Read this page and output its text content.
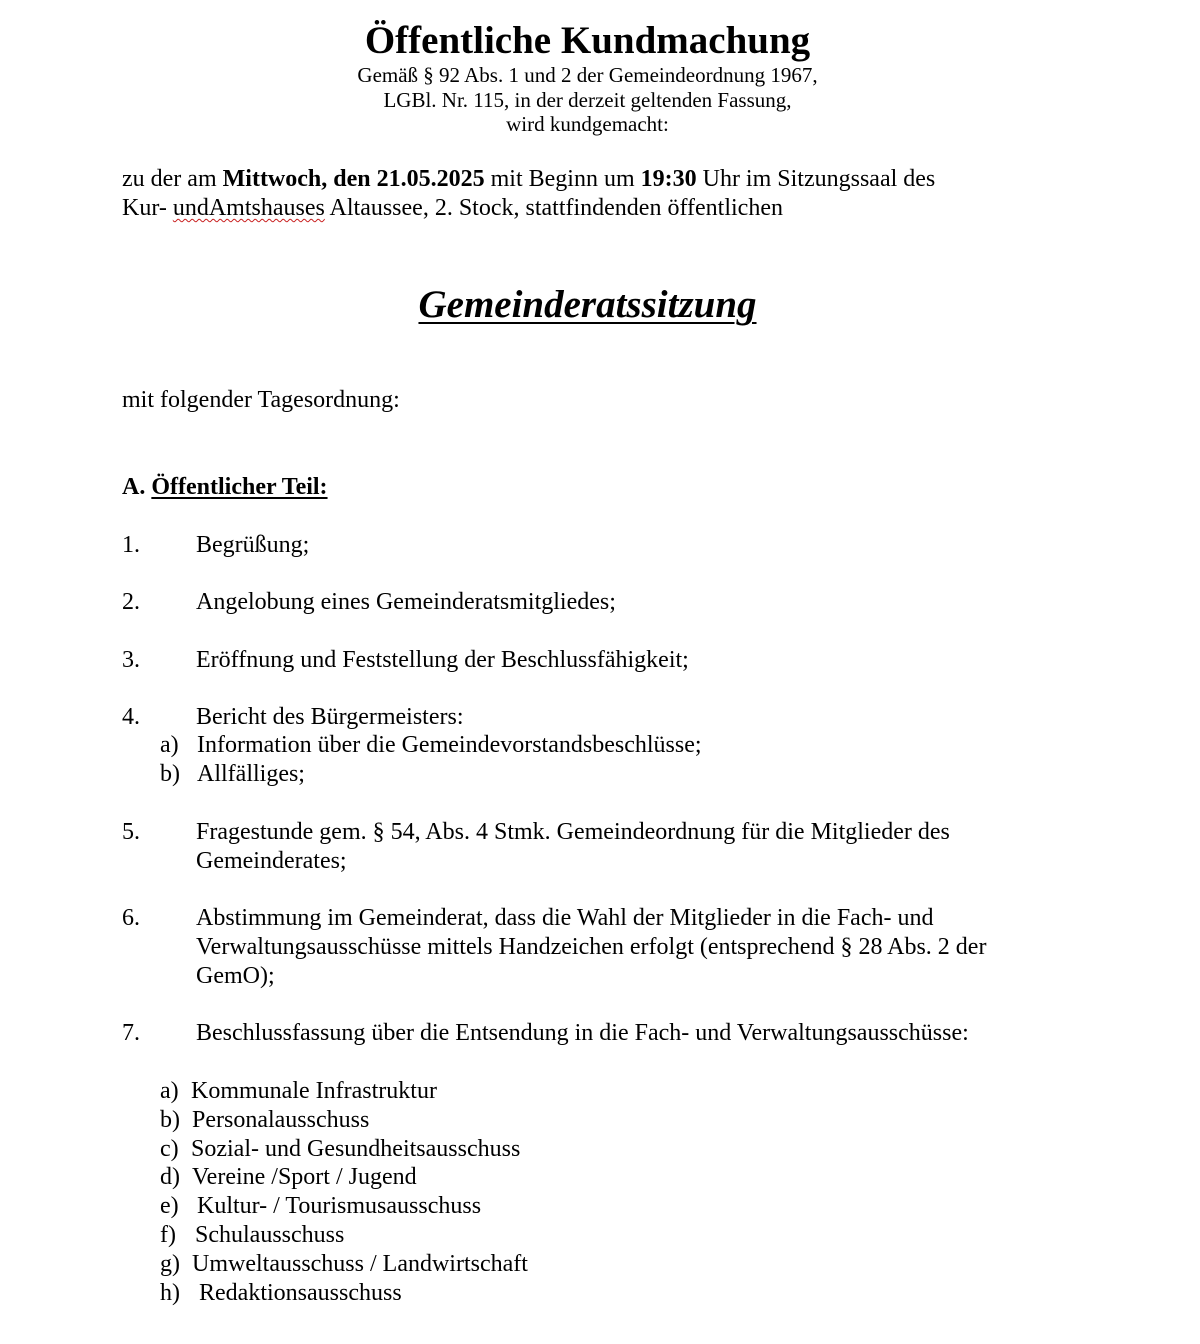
Öffentliche Kundmachung
Gemäß § 92 Abs. 1 und 2 der Gemeindeordnung 1967,
LGBl. Nr. 115, in der derzeit geltenden Fassung,
wird kundgemacht:
zu der am Mittwoch, den 21.05.2025 mit Beginn um 19:30 Uhr im Sitzungssaal des
Kur- undAmtshauses Altaussee, 2. Stock, stattfindenden öffentlichen
Gemeinderatssitzung
mit folgender Tagesordnung:
A. Öffentlicher Teil:
1. Begrüßung;
2. Angelobung eines Gemeinderatsmitgliedes;
3. Eröffnung und Feststellung der Beschlussfähigkeit;
4. Bericht des Bürgermeisters:
a) Information über die Gemeindevorstandsbeschlüsse;
b) Allfälliges;
5. Fragestunde gem. § 54, Abs. 4 Stmk. Gemeindeordnung für die Mitglieder des
Gemeinderates;
6. Abstimmung im Gemeinderat, dass die Wahl der Mitglieder in die Fach- und
Verwaltungsausschüsse mittels Handzeichen erfolgt (entsprechend § 28 Abs. 2 der
GemO);
7. Beschlussfassung über die Entsendung in die Fach- und Verwaltungsausschüsse:
a) Kommunale Infrastruktur
b) Personalausschuss
c) Sozial- und Gesundheitsausschuss
d) Vereine /Sport / Jugend
e) Kultur- / Tourismusausschuss
f) Schulausschuss
g) Umweltausschuss / Landwirtschaft
h) Redaktionsausschuss
